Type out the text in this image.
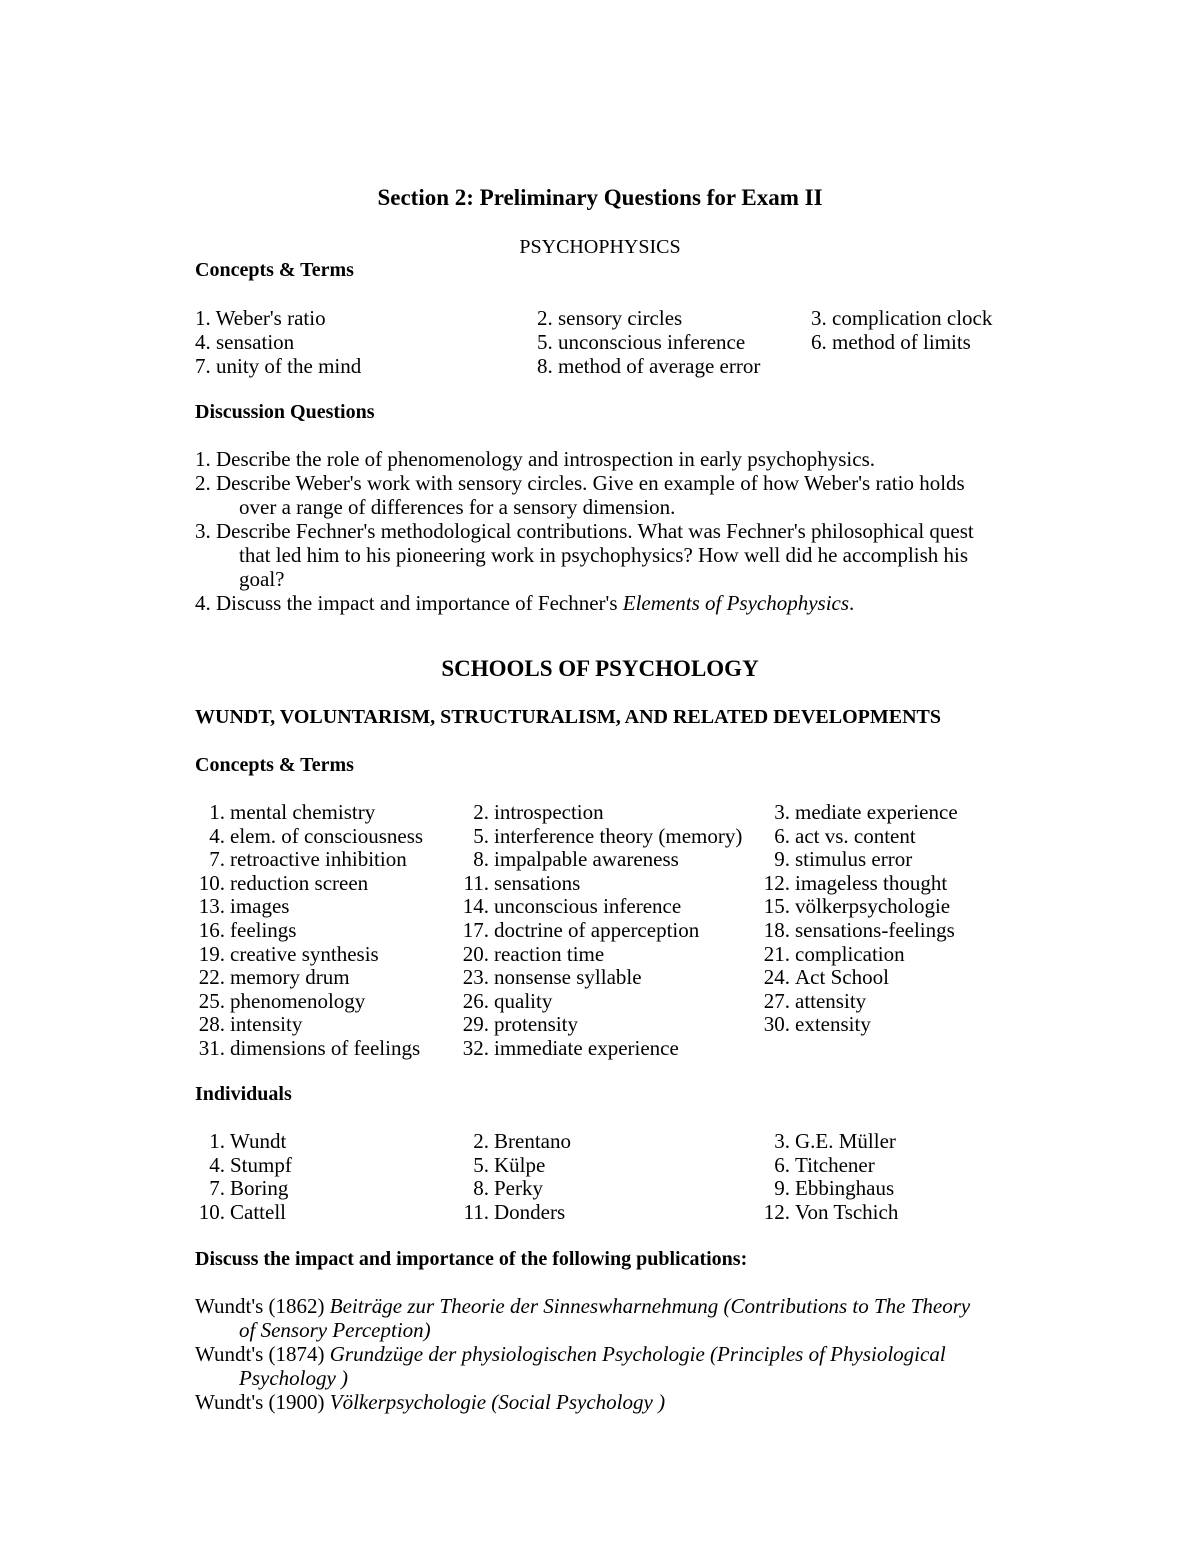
Section 2: Preliminary Questions for Exam II
PSYCHOPHYSICS
Concepts & Terms
1. Weber's ratio	2. sensory circles	3. complication clock
4. sensation	5. unconscious inference	6. method of limits
7. unity of the mind	8. method of average error
Discussion Questions
1. Describe the role of phenomenology and introspection in early psychophysics.
2. Describe Weber's work with sensory circles. Give en example of how Weber's ratio holds
over a range of differences for a sensory dimension.
3. Describe Fechner's methodological contributions. What was Fechner's philosophical quest
that led him to his pioneering work in psychophysics? How well did he accomplish his
goal?
4. Discuss the impact and importance of Fechner's Elements of Psychophysics.
SCHOOLS OF PSYCHOLOGY
WUNDT, VOLUNTARISM, STRUCTURALISM, AND RELATED DEVELOPMENTS
Concepts & Terms
1. mental chemistry	2. introspection	3. mediate experience
4. elem. of consciousness	5. interference theory (memory)	6. act vs. content
7. retroactive inhibition	8. impalpable awareness	9. stimulus error
10. reduction screen	11. sensations	12. imageless thought
13. images	14. unconscious inference	15. völkerpsychologie
16. feelings	17. doctrine of apperception	18. sensations-feelings
19. creative synthesis	20. reaction time	21. complication
22. memory drum	23. nonsense syllable	24. Act School
25. phenomenology	26. quality	27. attensity
28. intensity	29. protensity	30. extensity
31. dimensions of feelings	32. immediate experience
Individuals
1. Wundt	2. Brentano	3. G.E. Müller
4. Stumpf	5. Külpe	6. Titchener
7. Boring	8. Perky	9. Ebbinghaus
10. Cattell	11. Donders	12. Von Tschich
Discuss the impact and importance of the following publications:
Wundt's (1862) Beiträge zur Theorie der Sinneswharnehmung (Contributions to The Theory
of Sensory Perception)
Wundt's (1874) Grundzüge der physiologischen Psychologie (Principles of Physiological
Psychology )
Wundt's (1900) Völkerpsychologie (Social Psychology )
